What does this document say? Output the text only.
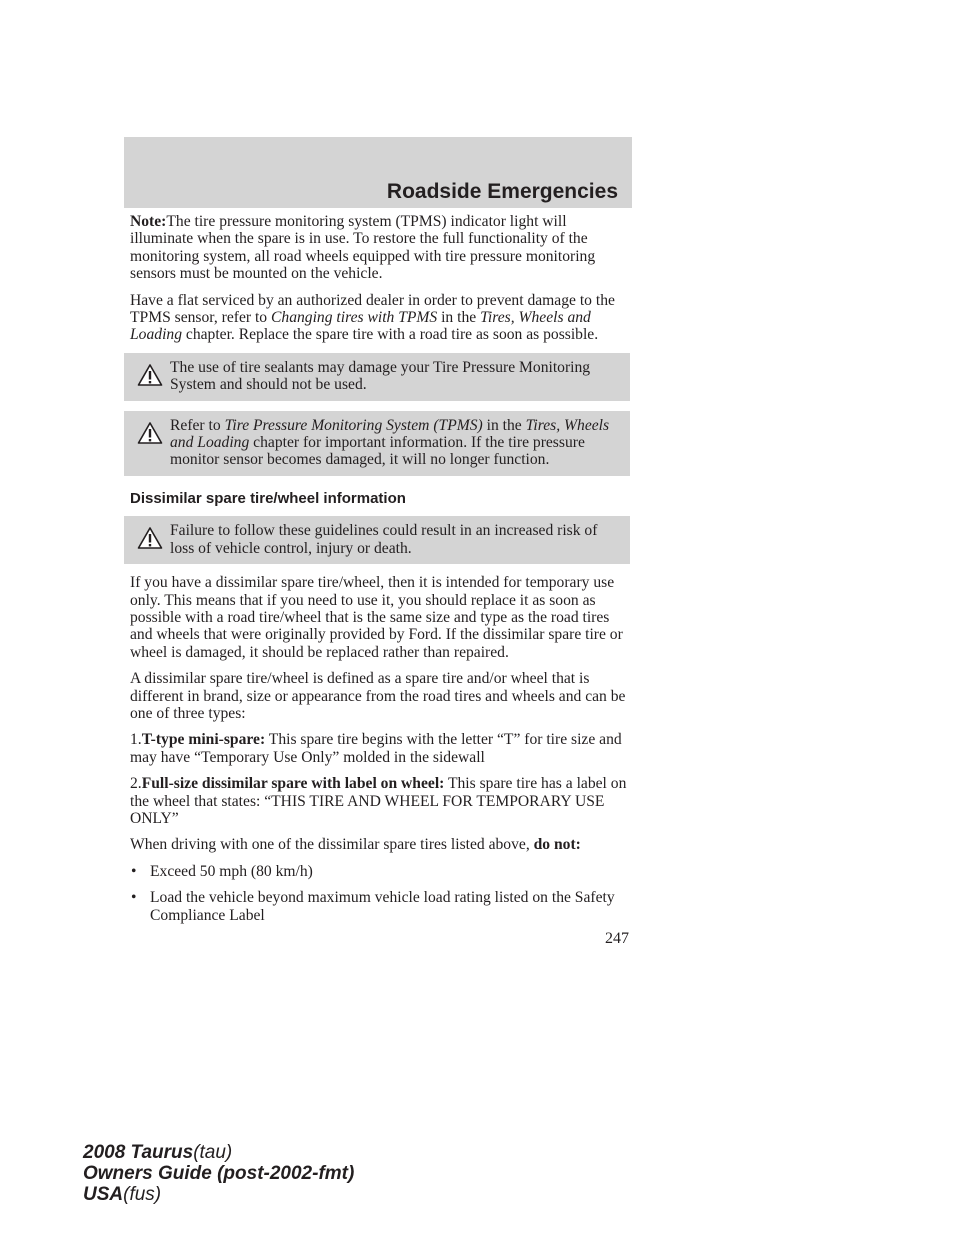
Roadside Emergencies

Note:The tire pressure monitoring system (TPMS) indicator light will illuminate when the spare is in use. To restore the full functionality of the monitoring system, all road wheels equipped with tire pressure monitoring sensors must be mounted on the vehicle.

Have a flat serviced by an authorized dealer in order to prevent damage to the TPMS sensor, refer to Changing tires with TPMS in the Tires, Wheels and Loading chapter. Replace the spare tire with a road tire as soon as possible.

The use of tire sealants may damage your Tire Pressure Monitoring System and should not be used.

Refer to Tire Pressure Monitoring System (TPMS) in the Tires, Wheels and Loading chapter for important information. If the tire pressure monitor sensor becomes damaged, it will no longer function.

Dissimilar spare tire/wheel information

Failure to follow these guidelines could result in an increased risk of loss of vehicle control, injury or death.

If you have a dissimilar spare tire/wheel, then it is intended for temporary use only. This means that if you need to use it, you should replace it as soon as possible with a road tire/wheel that is the same size and type as the road tires and wheels that were originally provided by Ford. If the dissimilar spare tire or wheel is damaged, it should be replaced rather than repaired.

A dissimilar spare tire/wheel is defined as a spare tire and/or wheel that is different in brand, size or appearance from the road tires and wheels and can be one of three types:

1.T-type mini-spare: This spare tire begins with the letter “T” for tire size and may have “Temporary Use Only” molded in the sidewall

2.Full-size dissimilar spare with label on wheel: This spare tire has a label on the wheel that states: “THIS TIRE AND WHEEL FOR TEMPORARY USE ONLY”

When driving with one of the dissimilar spare tires listed above, do not:

• Exceed 50 mph (80 km/h)
• Load the vehicle beyond maximum vehicle load rating listed on the Safety Compliance Label
247
2008 Taurus(tau)
Owners Guide (post-2002-fmt)
USA(fus)
